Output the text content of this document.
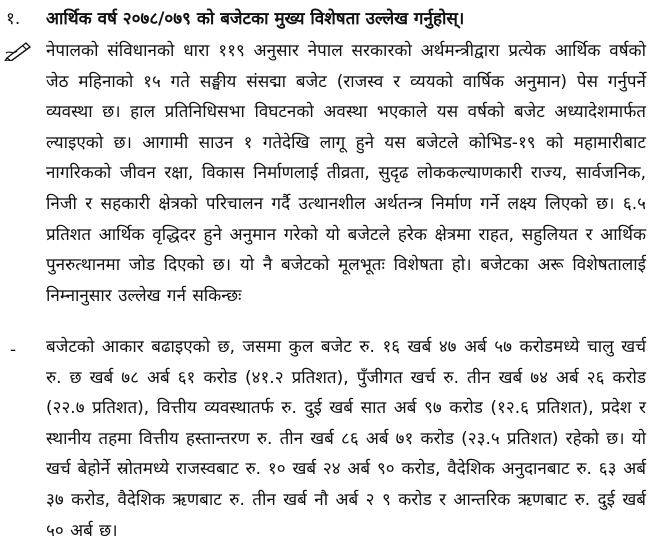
१.	आर्थिक वर्ष २०७८/०७९ को बजेटका मुख्य विशेषता उल्लेख गर्नुहोस्।
नेपालको संविधानको धारा ११९ अनुसार नेपाल सरकारको अर्थमन्त्रीद्वारा प्रत्येक आर्थिक वर्षको जेठ महिनाको १५ गते सङ्घीय संसद्मा बजेट (राजस्व र व्ययको वार्षिक अनुमान) पेस गर्नुपर्ने व्यवस्था छ। हाल प्रतिनिधिसभा विघटनको अवस्था भएकाले यस वर्षको बजेट अध्यादेशमार्फत ल्याइएको छ। आगामी साउन १ गतेदेखि लागू हुने यस बजेटले कोभिड-१९ को महामारीबाट नागरिकको जीवन रक्षा, विकास निर्माणलाई तीव्रता, सुदृढ लोककल्याणकारी राज्य, सार्वजनिक, निजी र सहकारी क्षेत्रको परिचालन गर्दै उत्थानशील अर्थतन्त्र निर्माण गर्ने लक्ष्य लिएको छ। ६.५ प्रतिशत आर्थिक वृद्धिदर हुने अनुमान गरेको यो बजेटले हरेक क्षेत्रमा राहत, सहुलियत र आर्थिक पुनरुत्थानमा जोड दिएको छ। यो नै बजेटको मूलभूतः विशेषता हो। बजेटका अरू विशेषतालाई निम्नानुसार उल्लेख गर्न सकिन्छः
- बजेटको आकार बढाइएको छ, जसमा कुल बजेट रु. १६ खर्ब ४७ अर्ब ५७ करोडमध्ये चालु खर्च रु. छ खर्ब ७८ अर्ब ६१ करोड (४१.२ प्रतिशत), पुँजीगत खर्च रु. तीन खर्ब ७४ अर्ब २६ करोड (२२.७ प्रतिशत), वित्तीय व्यवस्थातर्फ रु. दुई खर्ब सात अर्ब ९७ करोड (१२.६ प्रतिशत), प्रदेश र स्थानीय तहमा वित्तीय हस्तान्तरण रु. तीन खर्ब ८६ अर्ब ७१ करोड (२३.५ प्रतिशत) रहेको छ। यो खर्च बेहोर्ने स्रोतमध्ये राजस्वबाट रु. १० खर्ब २४ अर्ब ९० करोड, वैदेशिक अनुदानबाट रु. ६३ अर्ब ३७ करोड, वैदेशिक ऋणबाट रु. तीन खर्ब नौ अर्ब २ ९ करोड र आन्तरिक ऋणबाट रु. दुई खर्ब ५० अर्ब छ।
